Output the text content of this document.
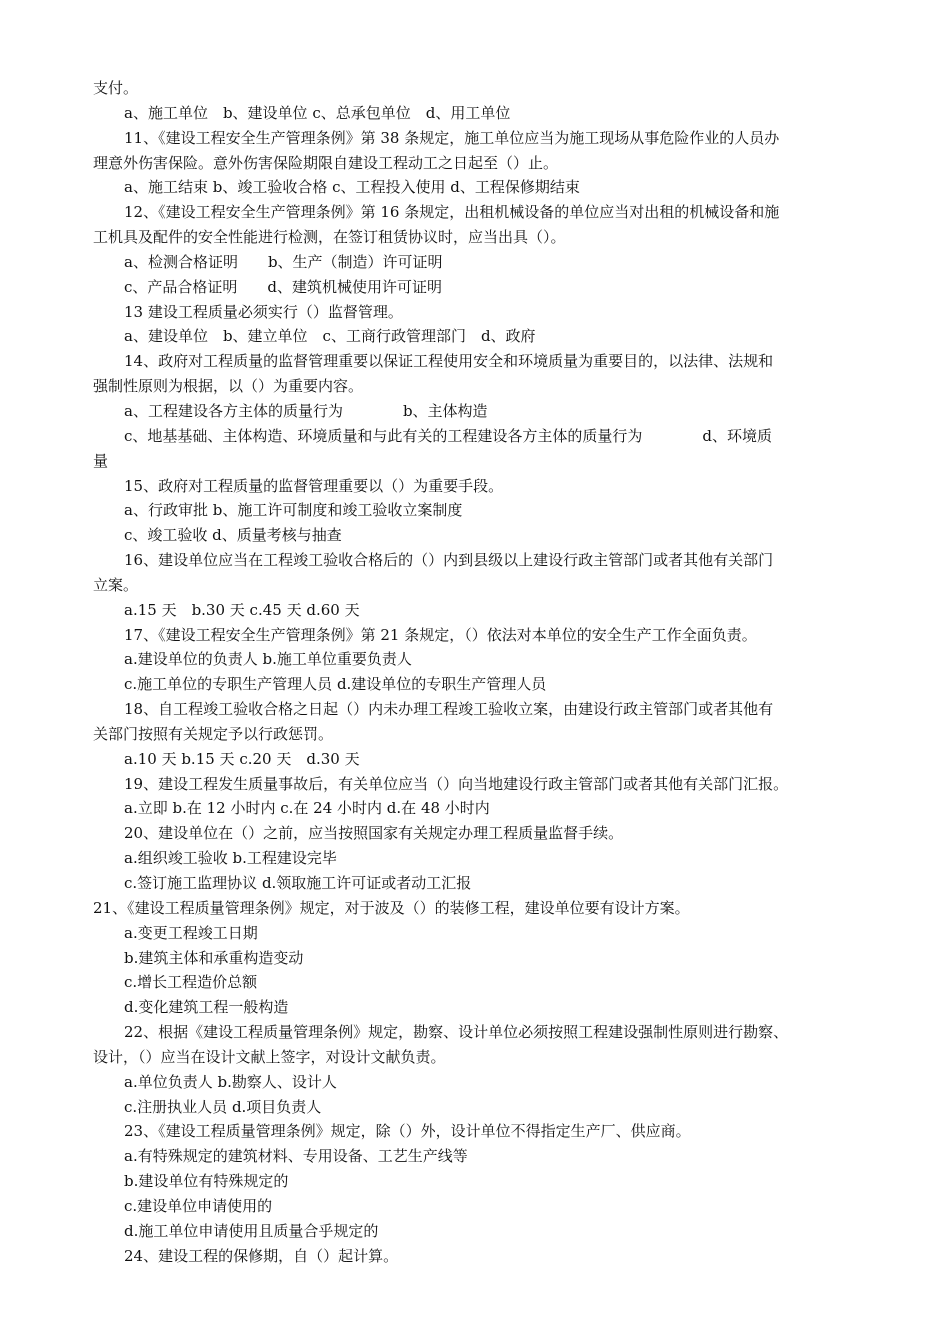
支付。
a、施工单位　b、建设单位 c、总承包单位　d、用工单位
11、《建设工程安全生产管理条例》第 38 条规定，施工单位应当为施工现场从事危险作业的人员办
理意外伤害保险。意外伤害保险期限自建设工程动工之日起至（）止。
a、施工结束 b、竣工验收合格 c、工程投入使用 d、工程保修期结束
12、《建设工程安全生产管理条例》第 16 条规定，出租机械设备的单位应当对出租的机械设备和施
工机具及配件的安全性能进行检测，在签订租赁协议时，应当出具（）。
a、检测合格证明　　b、生产（制造）许可证明
c、产品合格证明　　d、建筑机械使用许可证明
13 建设工程质量必须实行（）监督管理。
a、建设单位　b、建立单位　c、工商行政管理部门　d、政府
14、政府对工程质量的监督管理重要以保证工程使用安全和环境质量为重要目的，以法律、法规和
强制性原则为根据，以（）为重要内容。
a、工程建设各方主体的质量行为　　　　b、主体构造
c、地基基础、主体构造、环境质量和与此有关的工程建设各方主体的质量行为　　　　d、环境质
量
15、政府对工程质量的监督管理重要以（）为重要手段。
a、行政审批 b、施工许可制度和竣工验收立案制度
c、竣工验收 d、质量考核与抽查
16、建设单位应当在工程竣工验收合格后的（）内到县级以上建设行政主管部门或者其他有关部门
立案。
a.15 天　b.30 天 c.45 天 d.60 天
17、《建设工程安全生产管理条例》第 21 条规定，（）依法对本单位的安全生产工作全面负责。
a.建设单位的负责人 b.施工单位重要负责人
c.施工单位的专职生产管理人员 d.建设单位的专职生产管理人员
18、自工程竣工验收合格之日起（）内未办理工程竣工验收立案，由建设行政主管部门或者其他有
关部门按照有关规定予以行政惩罚。
a.10 天 b.15 天 c.20 天　d.30 天
19、建设工程发生质量事故后，有关单位应当（）向当地建设行政主管部门或者其他有关部门汇报。
a.立即 b.在 12 小时内 c.在 24 小时内 d.在 48 小时内
20、建设单位在（）之前，应当按照国家有关规定办理工程质量监督手续。
a.组织竣工验收 b.工程建设完毕
c.签订施工监理协议 d.领取施工许可证或者动工汇报
21、《建设工程质量管理条例》规定，对于波及（）的装修工程，建设单位要有设计方案。
a.变更工程竣工日期
b.建筑主体和承重构造变动
c.增长工程造价总额
d.变化建筑工程一般构造
22、根据《建设工程质量管理条例》规定，勘察、设计单位必须按照工程建设强制性原则进行勘察、
设计，（）应当在设计文献上签字，对设计文献负责。
a.单位负责人 b.勘察人、设计人
c.注册执业人员 d.项目负责人
23、《建设工程质量管理条例》规定，除（）外，设计单位不得指定生产厂、供应商。
a.有特殊规定的建筑材料、专用设备、工艺生产线等
b.建设单位有特殊规定的
c.建设单位申请使用的
d.施工单位申请使用且质量合乎规定的
24、建设工程的保修期，自（）起计算。
